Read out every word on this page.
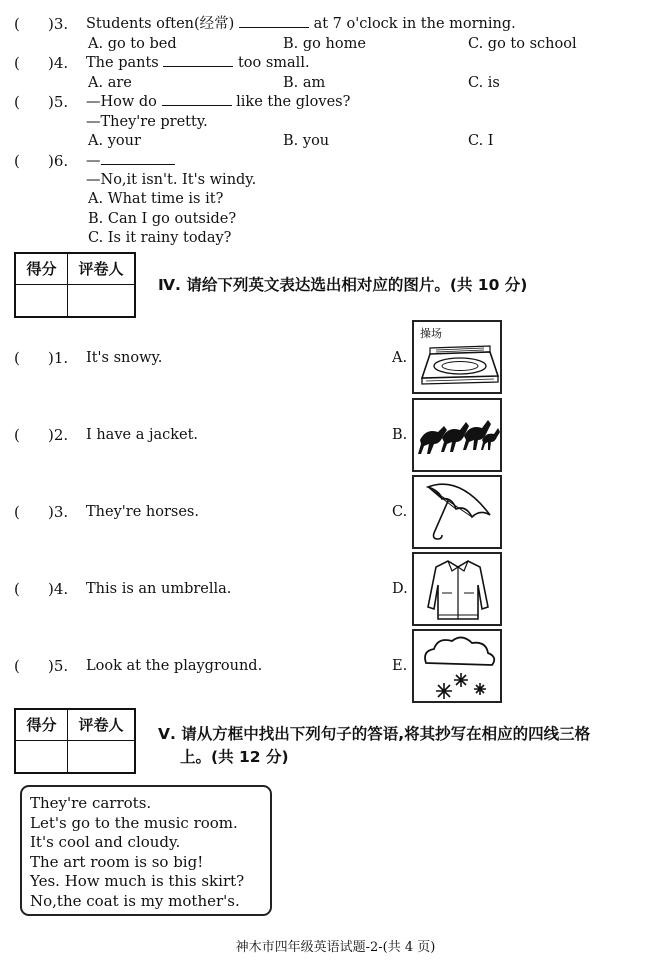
( )3. Students often(经常)	at 7 o'clock in the morning.
A. go to bed	B. go home	C. go to school
( )4. The pants	too small.
A. are	B. am	C. is
( )5. —How do	like the gloves?
—They're pretty.
A. your	B. you	C. I
( )6. —
—No,it isn't. It's windy.
A. What time is it?
B. Can I go outside?
C. Is it rainy today?
得分	评卷人
Ⅳ. 请给下列英文表达选出相对应的图片。(共 10 分)
( )1. It's snowy.	A.
( )2. I have a jacket.	B.
( )3. They're horses.	C.
( )4. This is an umbrella.	D.
( )5. Look at the playground.	E.
操场
得分	评卷人	Ⅴ. 请从方框中找出下列句子的答语,将其抄写在相应的四线三格
上。(共 12 分)
They're carrots.
Let's go to the music room.
It's cool and cloudy.
The art room is so big!
Yes. How much is this skirt?
No,the coat is my mother's.
神木市四年级英语试题-2-(共 4 页)
